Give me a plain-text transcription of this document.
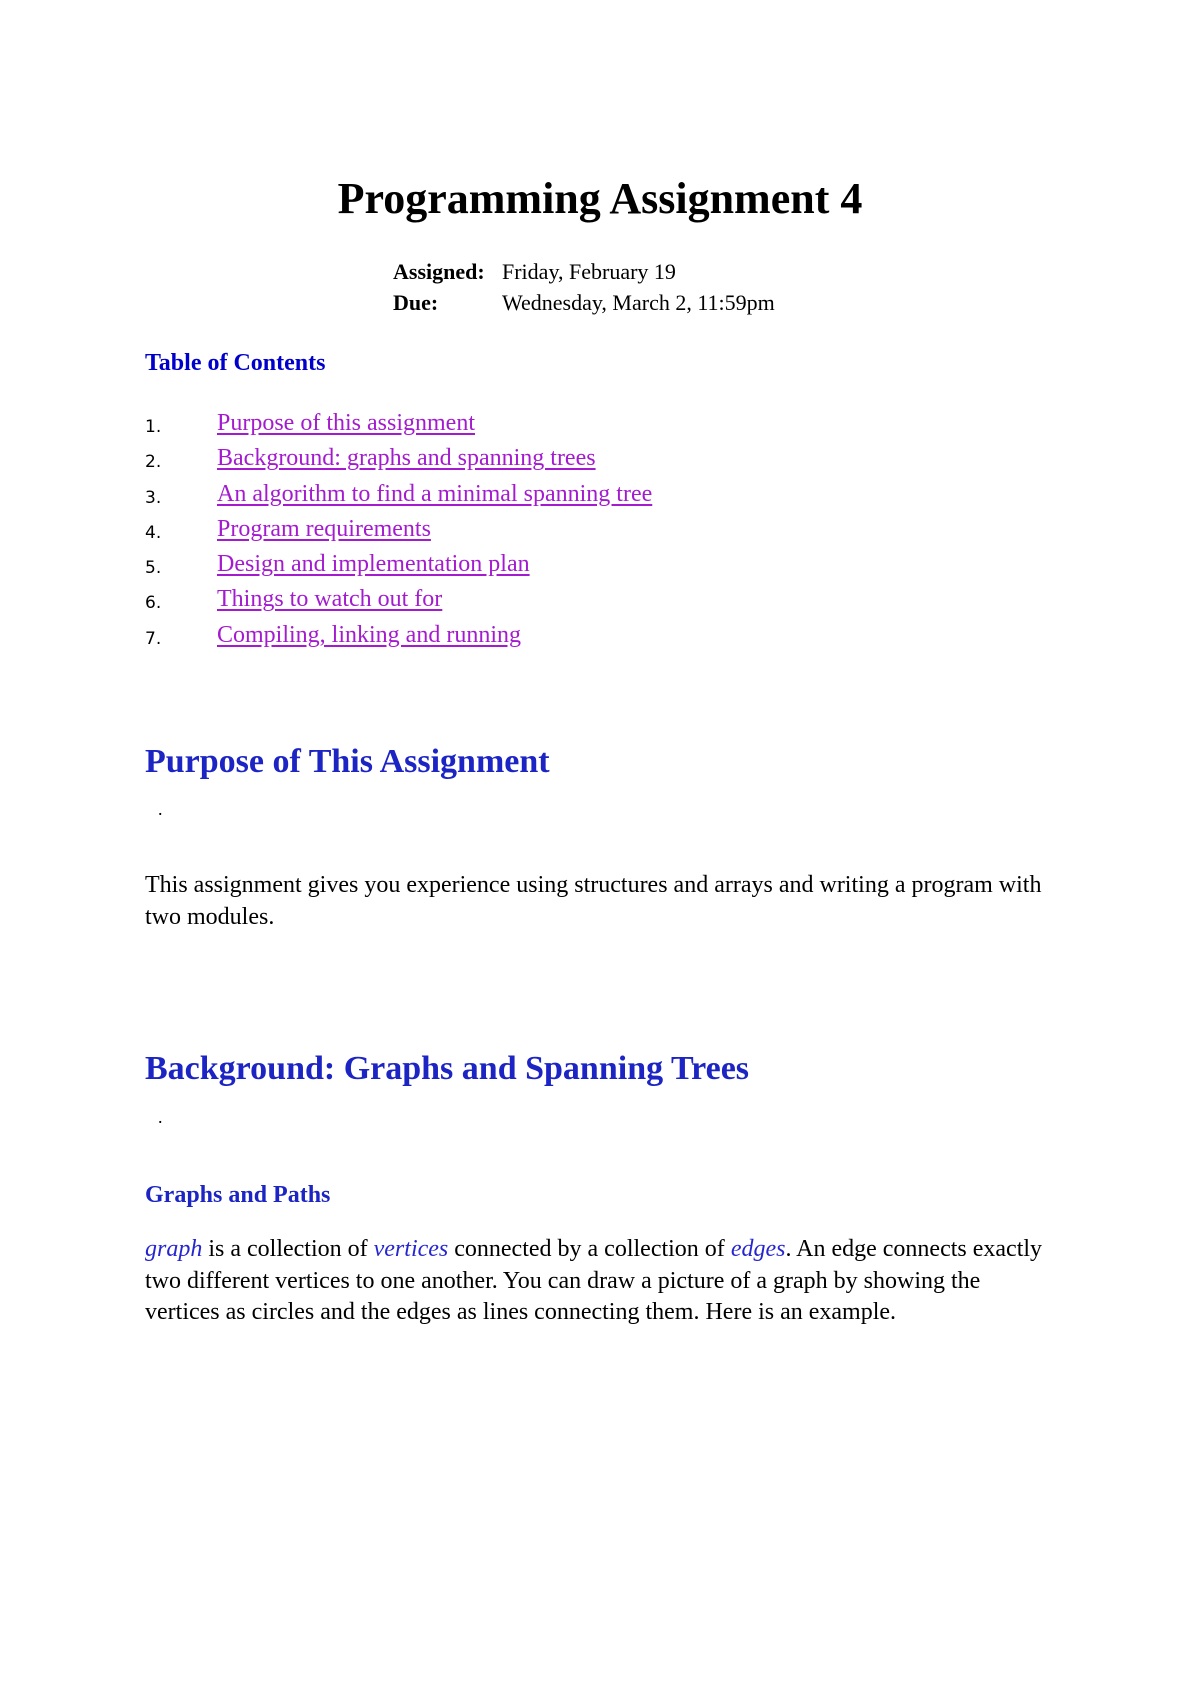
Programming Assignment 4
Assigned: Friday, February 19
Due:	Wednesday, March 2, 11:59pm
Table of Contents
1.	Purpose of this assignment
2.	Background: graphs and spanning trees
3.	An algorithm to find a minimal spanning tree
4.	Program requirements
5.	Design and implementation plan
6.	Things to watch out for
7.	Compiling, linking and running
Purpose of This Assignment
.

This assignment gives you experience using structures and arrays and writing a program with two modules.

Background: Graphs and Spanning Trees
.
Graphs and Paths

graph is a collection of vertices connected by a collection of edges. An edge connects exactly two different vertices to one another. You can draw a picture of a graph by showing the vertices as circles and the edges as lines connecting them. Here is an example.
